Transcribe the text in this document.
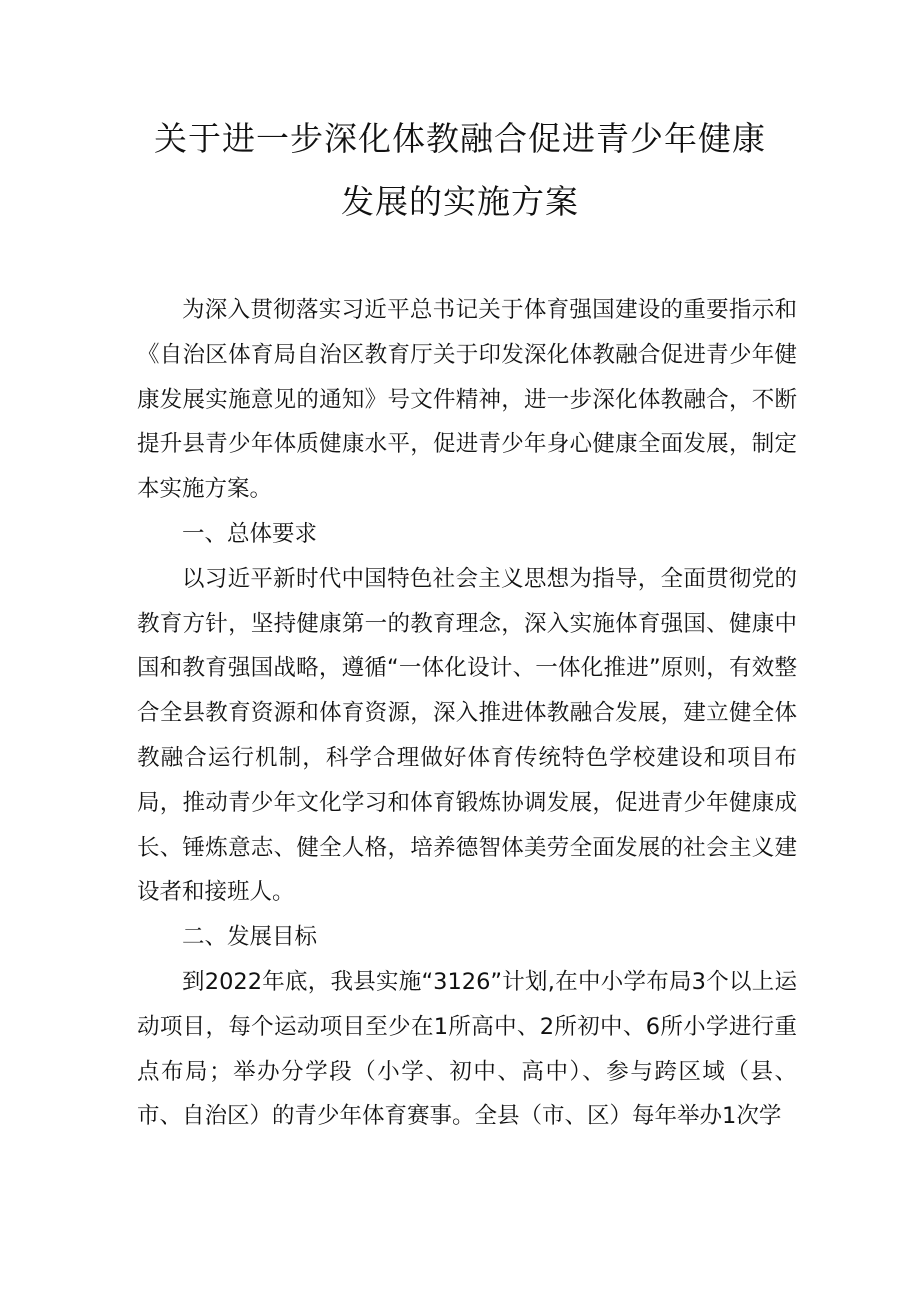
关于进一步深化体教融合促进青少年健康
发展的实施方案

为深入贯彻落实习近平总书记关于体育强国建设的重要指示和《自治区体育局自治区教育厅关于印发深化体教融合促进青少年健康发展实施意见的通知》号文件精神，进一步深化体教融合，不断提升县青少年体质健康水平，促进青少年身心健康全面发展，制定本实施方案。

一、总体要求

以习近平新时代中国特色社会主义思想为指导，全面贯彻党的教育方针，坚持健康第一的教育理念，深入实施体育强国、健康中国和教育强国战略，遵循“一体化设计、一体化推进”原则，有效整合全县教育资源和体育资源，深入推进体教融合发展，建立健全体教融合运行机制，科学合理做好体育传统特色学校建设和项目布局，推动青少年文化学习和体育锻炼协调发展，促进青少年健康成长、锤炼意志、健全人格，培养德智体美劳全面发展的社会主义建设者和接班人。

二、发展目标

到2022年底，我县实施“3126”计划,在中小学布局3个以上运动项目，每个运动项目至少在1所高中、2所初中、6所小学进行重点布局；举办分学段（小学、初中、高中）、参与跨区域（县、市、自治区）的青少年体育赛事。全县（市、区）每年举办1次学
